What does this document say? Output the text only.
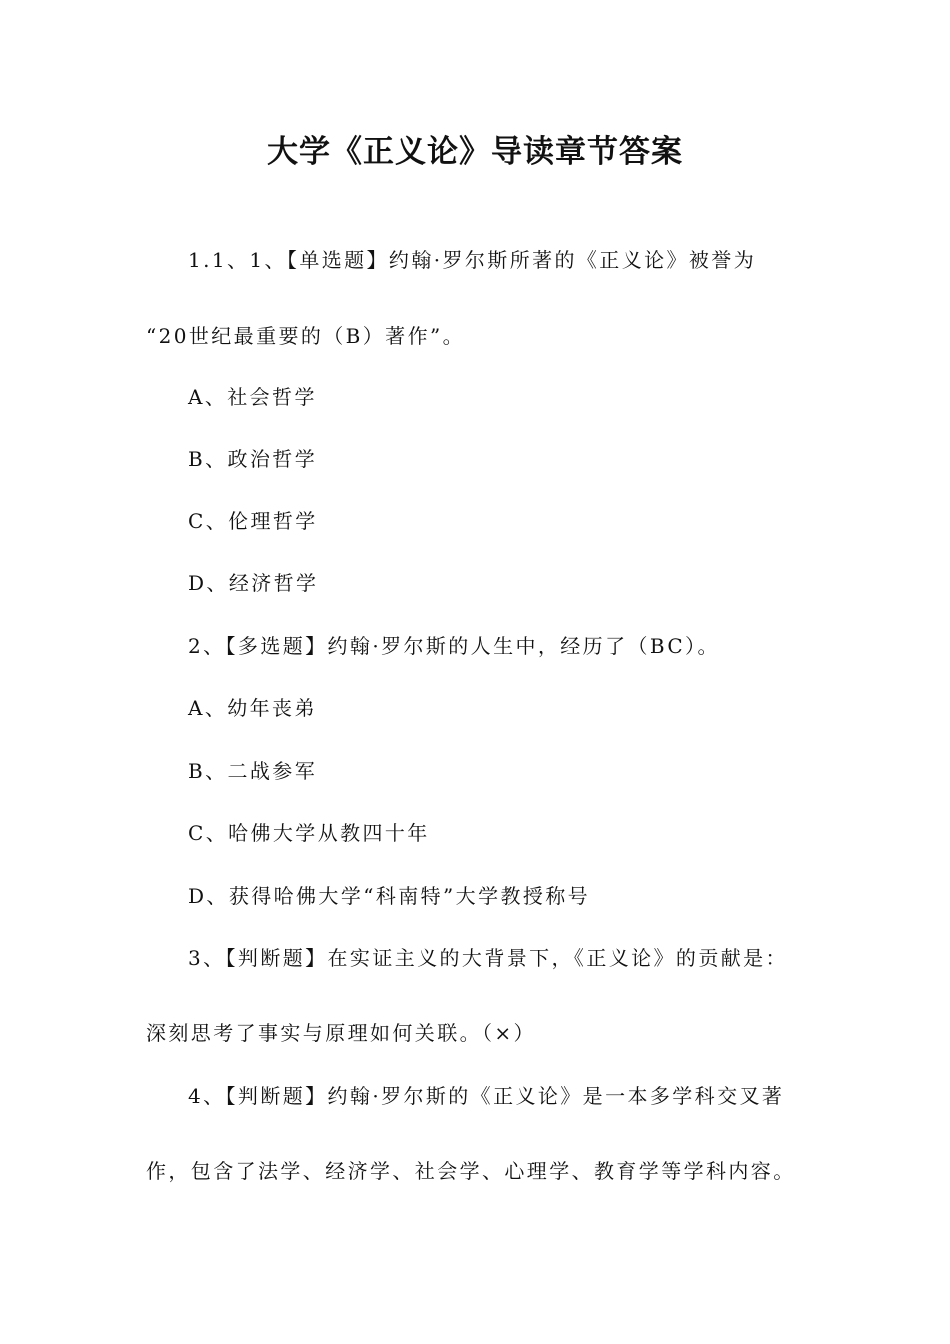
大学《正义论》导读章节答案

1.1、1、【单选题】约翰·罗尔斯所著的《正义论》被誉为

“20世纪最重要的（B）著作”。

A、社会哲学

B、政治哲学

C、伦理哲学

D、经济哲学

2、【多选题】约翰·罗尔斯的人生中，经历了（BC）。

A、幼年丧弟

B、二战参军

C、哈佛大学从教四十年

D、获得哈佛大学“科南特”大学教授称号

3、【判断题】在实证主义的大背景下，《正义论》的贡献是：

深刻思考了事实与原理如何关联。（×）

4、【判断题】约翰·罗尔斯的《正义论》是一本多学科交叉著

作，包含了法学、经济学、社会学、心理学、教育学等学科内容。
